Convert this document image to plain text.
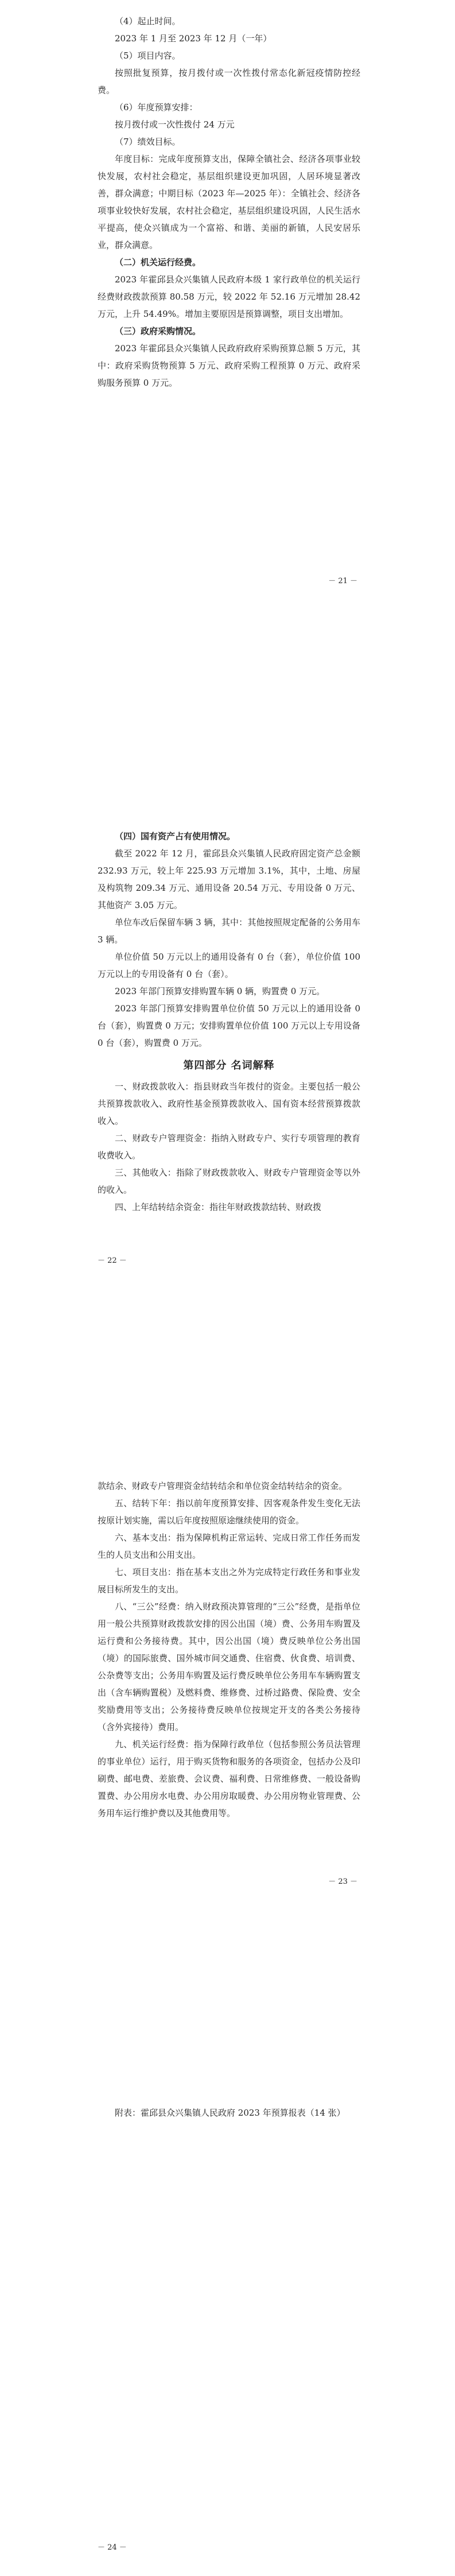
（4）起止时间。

2023 年 1 月至 2023 年 12 月（一年）

（5）项目内容。

按照批复预算，按月拨付或一次性拨付常态化新冠疫情防控经费。

（6）年度预算安排：

按月拨付或一次性拨付 24 万元

（7）绩效目标。

年度目标：完成年度预算支出，保障全镇社会、经济各项事业较快发展，农村社会稳定，基层组织建设更加巩固，人居环境显著改善，群众满意；中期目标（2023 年—2025 年）：全镇社会、经济各项事业较快好发展，农村社会稳定，基层组织建设巩固，人民生活水平提高，使众兴镇成为一个富裕、和谐、美丽的新镇，人民安居乐业，群众满意。

（二）机关运行经费。

2023 年霍邱县众兴集镇人民政府本级 1 家行政单位的机关运行经费财政拨款预算 80.58 万元，较 2022 年 52.16 万元增加 28.42 万元，上升 54.49%。增加主要原因是预算调整，项目支出增加。

（三）政府采购情况。

2023 年霍邱县众兴集镇人民政府政府采购预算总额 5 万元，其中：政府采购货物预算 5 万元、政府采购工程预算 0 万元、政府采购服务预算 0 万元。

－ 21 －

（四）国有资产占有使用情况。

截至 2022 年 12 月，霍邱县众兴集镇人民政府固定资产总金额 232.93 万元，较上年 225.93 万元增加 3.1%，其中，土地、房屋及构筑物 209.34 万元、通用设备 20.54 万元、专用设备 0 万元、其他资产 3.05 万元。

单位车改后保留车辆 3 辆，其中：其他按照规定配备的公务用车 3 辆。

单位价值 50 万元以上的通用设备有 0 台（套），单位价值 100 万元以上的专用设备有 0 台（套）。

2023 年部门预算安排购置车辆 0 辆，购置费 0 万元。

2023 年部门预算安排购置单位价值 50 万元以上的通用设备 0 台（套），购置费 0 万元；安排购置单位价值 100 万元以上专用设备 0 台（套），购置费 0 万元。

第四部分 名词解释

一、财政拨款收入：指县财政当年拨付的资金。主要包括一般公共预算拨款收入、政府性基金预算拨款收入、国有资本经营预算拨款收入。

二、财政专户管理资金：指纳入财政专户、实行专项管理的教育收费收入。

三、其他收入：指除了财政拨款收入、财政专户管理资金等以外的收入。

四、上年结转结余资金：指往年财政拨款结转、财政拨

－ 22 －

款结余、财政专户管理资金结转结余和单位资金结转结余的资金。

五、结转下年：指以前年度预算安排、因客观条件发生变化无法按原计划实施，需以后年度按照原途继续使用的资金。

六、基本支出：指为保障机构正常运转、完成日常工作任务而发生的人员支出和公用支出。

七、项目支出：指在基本支出之外为完成特定行政任务和事业发展目标所发生的支出。

八、“三公”经费：纳入财政预决算管理的“三公”经费，是指单位用一般公共预算财政拨款安排的因公出国（境）费、公务用车购置及运行费和公务接待费。其中，因公出国（境）费反映单位公务出国（境）的国际旅费、国外城市间交通费、住宿费、伙食费、培训费、公杂费等支出；公务用车购置及运行费反映单位公务用车车辆购置支出（含车辆购置税）及燃料费、维修费、过桥过路费、保险费、安全奖励费用等支出；公务接待费反映单位按规定开支的各类公务接待（含外宾接待）费用。

九、机关运行经费：指为保障行政单位（包括参照公务员法管理的事业单位）运行，用于购买货物和服务的各项资金，包括办公及印刷费、邮电费、差旅费、会议费、福利费、日常维修费、一般设备购置费、办公用房水电费、办公用房取暖费、办公用房物业管理费、公务用车运行维护费以及其他费用等。

－ 23 －

附表：霍邱县众兴集镇人民政府 2023 年预算报表（14 张）

－ 24 －
